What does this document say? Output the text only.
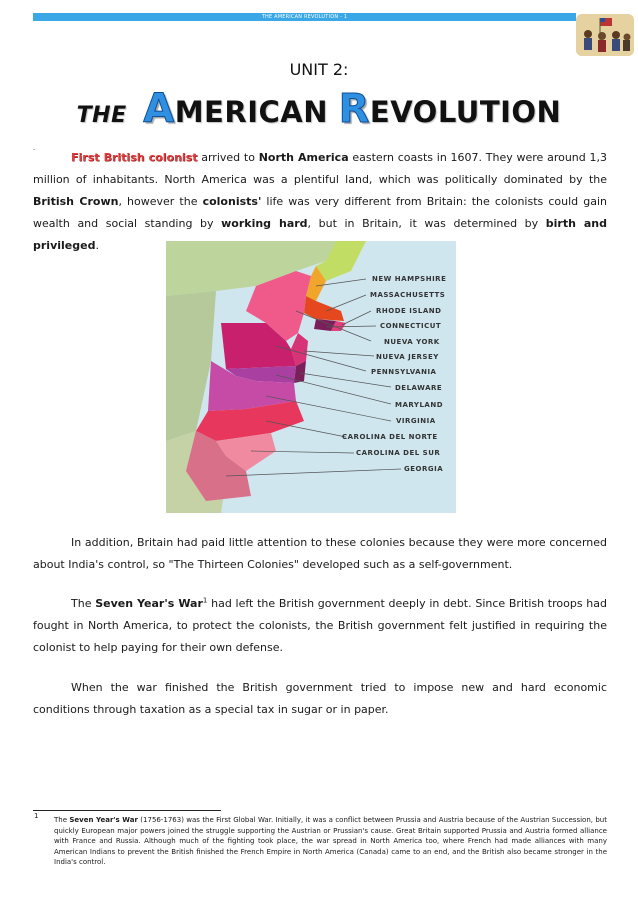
THE AMERICAN REVOLUTION - 1
UNIT 2:
THE AMERICAN REVOLUTION
-

First British colonist arrived to North America eastern coasts in 1607. They were around 1,3 million of inhabitants. North America was a plentiful land, which was politically dominated by the British Crown, however the colonists' life was very different from Britain: the colonists could gain wealth and social standing by working hard, but in Britain, it was determined by birth and privileged.

NEW HAMPSHIRE
MASSACHUSETTS
RHODE ISLAND
CONNECTICUT
NUEVA YORK
NUEVA JERSEY
PENNSYLVANIA
DELAWARE
MARYLAND
VIRGINIA
CAROLINA DEL NORTE
CAROLINA DEL SUR
GEORGIA

In addition, Britain had paid little attention to these colonies because they were more concerned about India's control, so "The Thirteen Colonies" developed such as a self-government.

The Seven Year's War$^1$ had left the British government deeply in debt. Since British troops had fought in North America, to protect the colonists, the British government felt justified in requiring the colonist to help paying for their own defense.

When the war finished the British government tried to impose new and hard economic conditions through taxation as a special tax in sugar or in paper.

1 The Seven Year's War (1756-1763) was the First Global War. Initially, it was a conflict between Prussia and Austria because of the Austrian Succession, but quickly European major powers joined the struggle supporting the Austrian or Prussian's cause. Great Britain supported Prussia and Austria formed alliance with France and Russia. Although much of the fighting took place, the war spread in North America too, where French had made alliances with many American Indians to prevent the British finished the French Empire in North America (Canada) came to an end, and the British also became stronger in the India's control.
